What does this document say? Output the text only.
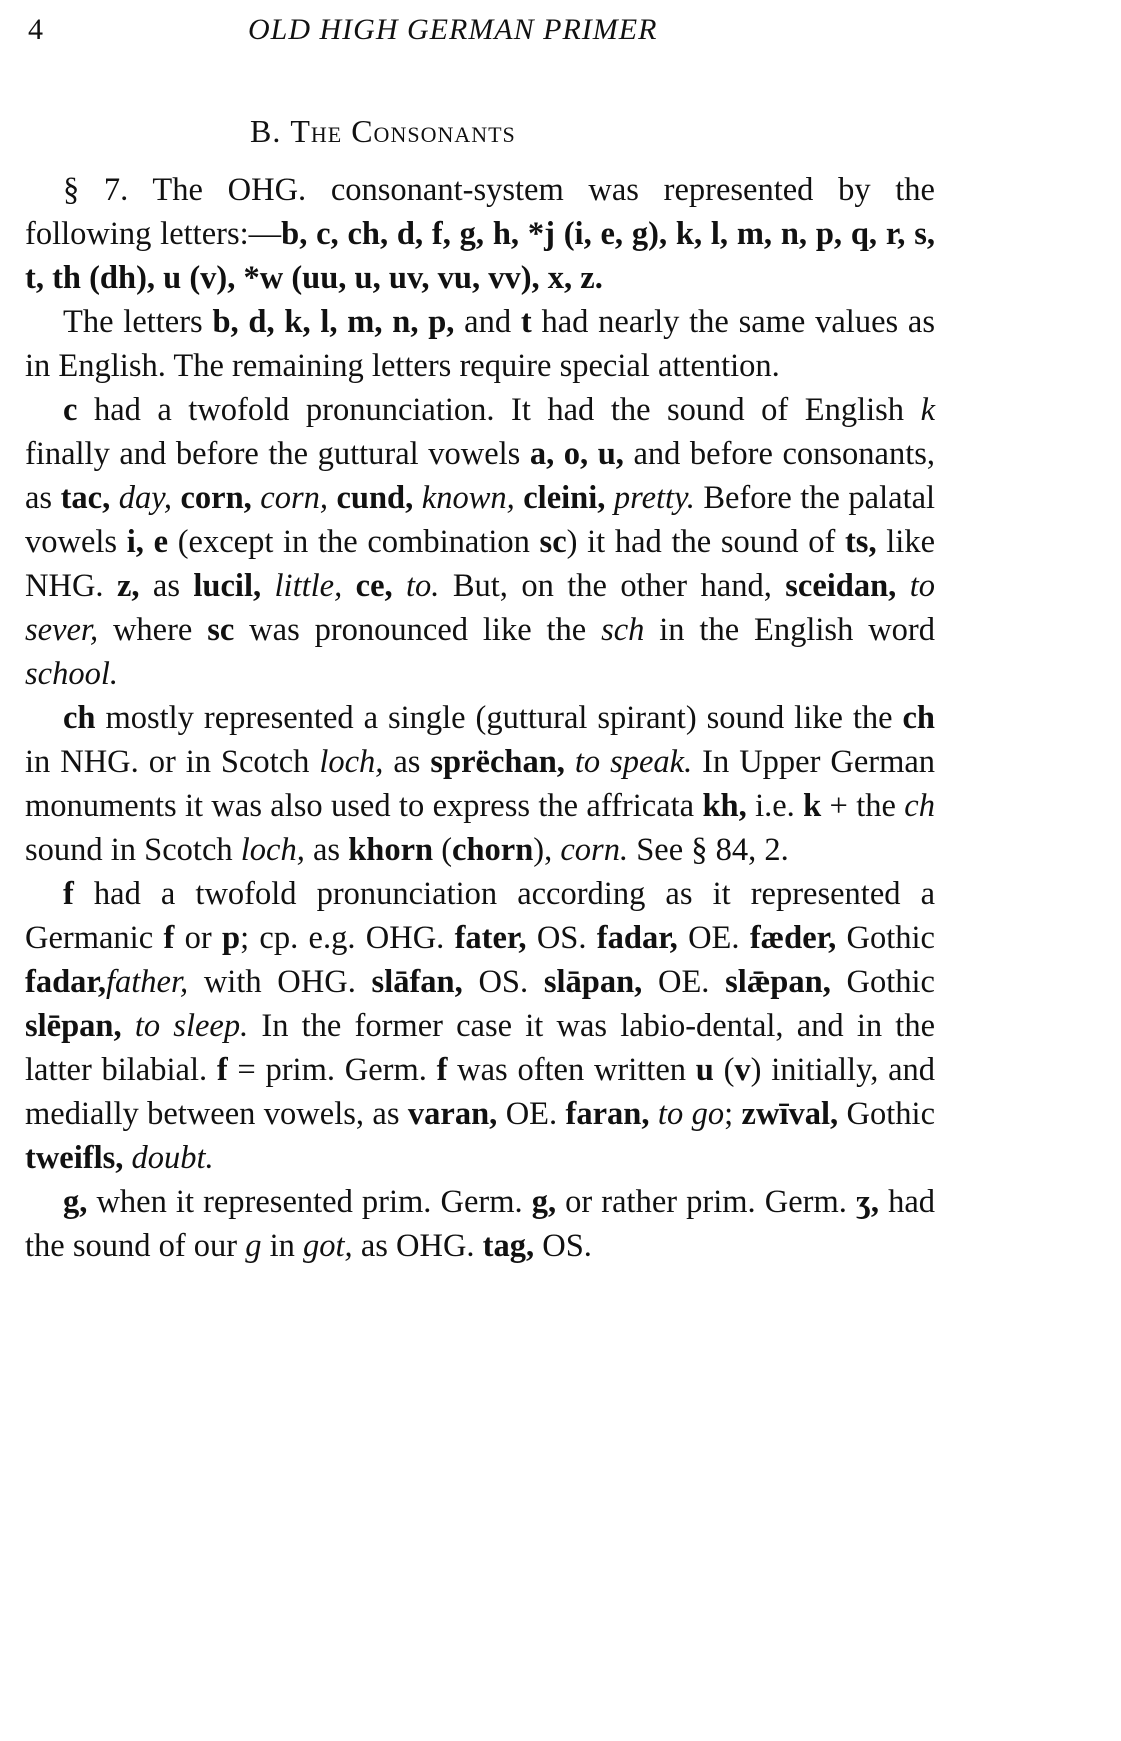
4	OLD HIGH GERMAN PRIMER
B. The Consonants

§ 7. The OHG. consonant-system was represented by the following letters:—b, c, ch, d, f, g, h, *j (i, e, g), k, l, m, n, p, q, r, s, t, th (dh), u (v), *w (uu, u, uv, vu, vv), x, z.

The letters b, d, k, l, m, n, p, and t had nearly the same values as in English. The remaining letters require special attention.

c had a twofold pronunciation. It had the sound of English k finally and before the guttural vowels a, o, u, and before consonants, as tac, day, corn, corn, cund, known, cleini, pretty. Before the palatal vowels i, e (except in the combination sc) it had the sound of ts, like NHG. z, as lucil, little, ce, to. But, on the other hand, sceidan, to sever, where sc was pronounced like the sch in the English word school.

ch mostly represented a single (guttural spirant) sound like the ch in NHG. or in Scotch loch, as sprëchan, to speak. In Upper German monuments it was also used to express the affricata kh, i.e. k + the ch sound in Scotch loch, as khorn (chorn), corn. See § 84, 2.

f had a twofold pronunciation according as it represented a Germanic f or p; cp. e.g. OHG. fater, OS. fadar, OE. fæder, Gothic fadar,father, with OHG. slāfan, OS. slāpan, OE. slǣpan, Gothic slēpan, to sleep. In the former case it was labio-dental, and in the latter bilabial. f = prim. Germ. f was often written u (v) initially, and medially between vowels, as varan, OE. faran, to go; zwīval, Gothic tweifls, doubt.

g, when it represented prim. Germ. g, or rather prim. Germ. ʒ, had the sound of our g in got, as OHG. tag, OS.
